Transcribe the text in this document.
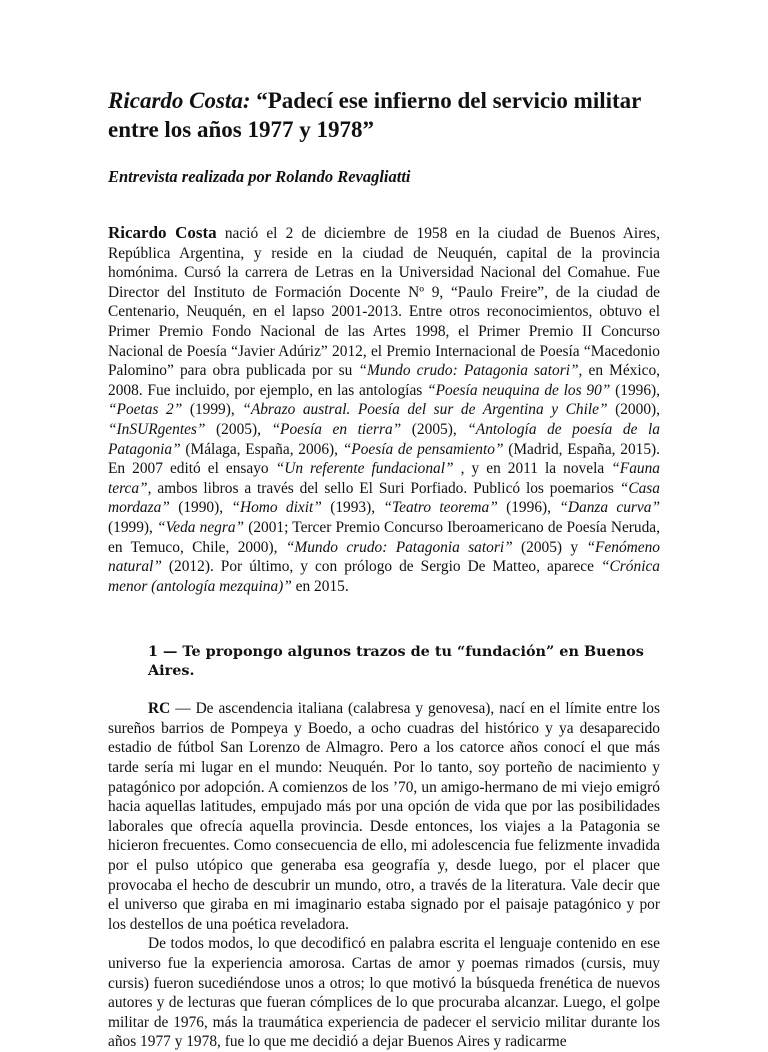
Ricardo Costa: “Padecí ese infierno del servicio militar entre los años 1977 y 1978”
Entrevista realizada por Rolando Revagliatti

Ricardo Costa nació el 2 de diciembre de 1958 en la ciudad de Buenos Aires, República Argentina, y reside en la ciudad de Neuquén, capital de la provincia homónima. Cursó la carrera de Letras en la Universidad Nacional del Comahue. Fue Director del Instituto de Formación Docente Nº 9, “Paulo Freire”, de la ciudad de Centenario, Neuquén, en el lapso 2001-2013. Entre otros reconocimientos, obtuvo el Primer Premio Fondo Nacional de las Artes 1998, el Primer Premio II Concurso Nacional de Poesía “Javier Adúriz” 2012, el Premio Internacional de Poesía “Macedonio Palomino” para obra publicada por su “Mundo crudo: Patagonia satori”, en México, 2008. Fue incluido, por ejemplo, en las antologías “Poesía neuquina de los 90” (1996), “Poetas 2” (1999), “Abrazo austral. Poesía del sur de Argentina y Chile” (2000), “InSURgentes” (2005), “Poesía en tierra” (2005), “Antología de poesía de la Patagonia” (Málaga, España, 2006), “Poesía de pensamiento” (Madrid, España, 2015). En 2007 editó el ensayo “Un referente fundacional” , y en 2011 la novela “Fauna terca”, ambos libros a través del sello El Suri Porfiado. Publicó los poemarios “Casa mordaza” (1990), “Homo dixit” (1993), “Teatro teorema” (1996), “Danza curva” (1999), “Veda negra” (2001; Tercer Premio Concurso Iberoamericano de Poesía Neruda, en Temuco, Chile, 2000), “Mundo crudo: Patagonia satori” (2005) y “Fenómeno natural” (2012). Por último, y con prólogo de Sergio De Matteo, aparece “Crónica menor (antología mezquina)” en 2015.

1 — Te propongo algunos trazos de tu “fundación” en Buenos Aires.

RC — De ascendencia italiana (calabresa y genovesa), nací en el límite entre los sureños barrios de Pompeya y Boedo, a ocho cuadras del histórico y ya desaparecido estadio de fútbol San Lorenzo de Almagro. Pero a los catorce años conocí el que más tarde sería mi lugar en el mundo: Neuquén. Por lo tanto, soy porteño de nacimiento y patagónico por adopción. A comienzos de los ’70, un amigo-hermano de mi viejo emigró hacia aquellas latitudes, empujado más por una opción de vida que por las posibilidades laborales que ofrecía aquella provincia. Desde entonces, los viajes a la Patagonia se hicieron frecuentes. Como consecuencia de ello, mi adolescencia fue felizmente invadida por el pulso utópico que generaba esa geografía y, desde luego, por el placer que provocaba el hecho de descubrir un mundo, otro, a través de la literatura. Vale decir que el universo que giraba en mi imaginario estaba signado por el paisaje patagónico y por los destellos de una poética reveladora.

De todos modos, lo que decodificó en palabra escrita el lenguaje contenido en ese universo fue la experiencia amorosa. Cartas de amor y poemas rimados (cursis, muy cursis) fueron sucediéndose unos a otros; lo que motivó la búsqueda frenética de nuevos autores y de lecturas que fueran cómplices de lo que procuraba alcanzar. Luego, el golpe militar de 1976, más la traumática experiencia de padecer el servicio militar durante los años 1977 y 1978, fue lo que me decidió a dejar Buenos Aires y radicarme
